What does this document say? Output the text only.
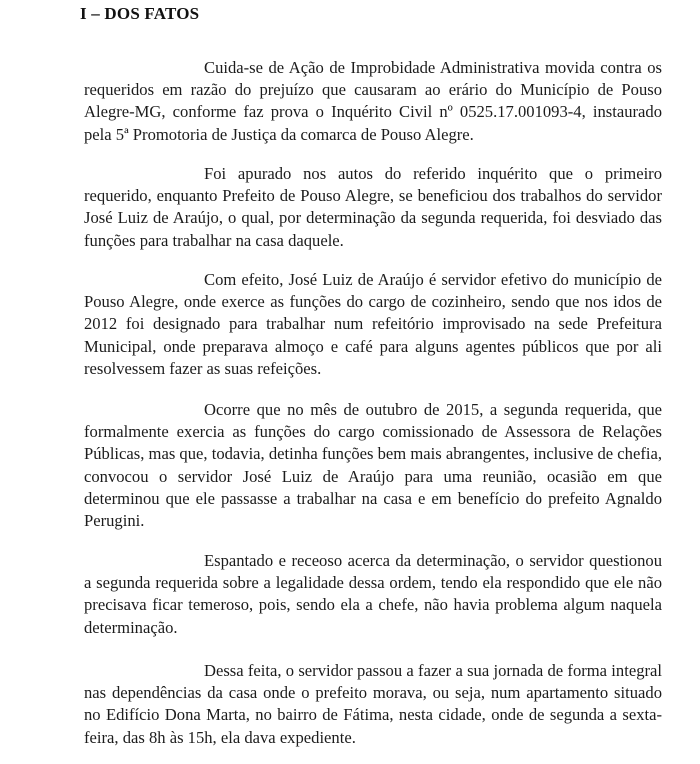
I – DOS FATOS

Cuida-se de Ação de Improbidade Administrativa movida contra os requeridos em razão do prejuízo que causaram ao erário do Município de Pouso Alegre-MG, conforme faz prova o Inquérito Civil nº 0525.17.001093-4, instaurado pela 5ª Promotoria de Justiça da comarca de Pouso Alegre.

Foi apurado nos autos do referido inquérito que o primeiro requerido, enquanto Prefeito de Pouso Alegre, se beneficiou dos trabalhos do servidor José Luiz de Araújo, o qual, por determinação da segunda requerida, foi desviado das funções para trabalhar na casa daquele.

Com efeito, José Luiz de Araújo é servidor efetivo do município de Pouso Alegre, onde exerce as funções do cargo de cozinheiro, sendo que nos idos de 2012 foi designado para trabalhar num refeitório improvisado na sede Prefeitura Municipal, onde preparava almoço e café para alguns agentes públicos que por ali resolvessem fazer as suas refeições.

Ocorre que no mês de outubro de 2015, a segunda requerida, que formalmente exercia as funções do cargo comissionado de Assessora de Relações Públicas, mas que, todavia, detinha funções bem mais abrangentes, inclusive de chefia, convocou o servidor José Luiz de Araújo para uma reunião, ocasião em que determinou que ele passasse a trabalhar na casa e em benefício do prefeito Agnaldo Perugini.

Espantado e receoso acerca da determinação, o servidor questionou a segunda requerida sobre a legalidade dessa ordem, tendo ela respondido que ele não precisava ficar temeroso, pois, sendo ela a chefe, não havia problema algum naquela determinação.

Dessa feita, o servidor passou a fazer a sua jornada de forma integral nas dependências da casa onde o prefeito morava, ou seja, num apartamento situado no Edifício Dona Marta, no bairro de Fátima, nesta cidade, onde de segunda a sexta-feira, das 8h às 15h, ela dava expediente.
